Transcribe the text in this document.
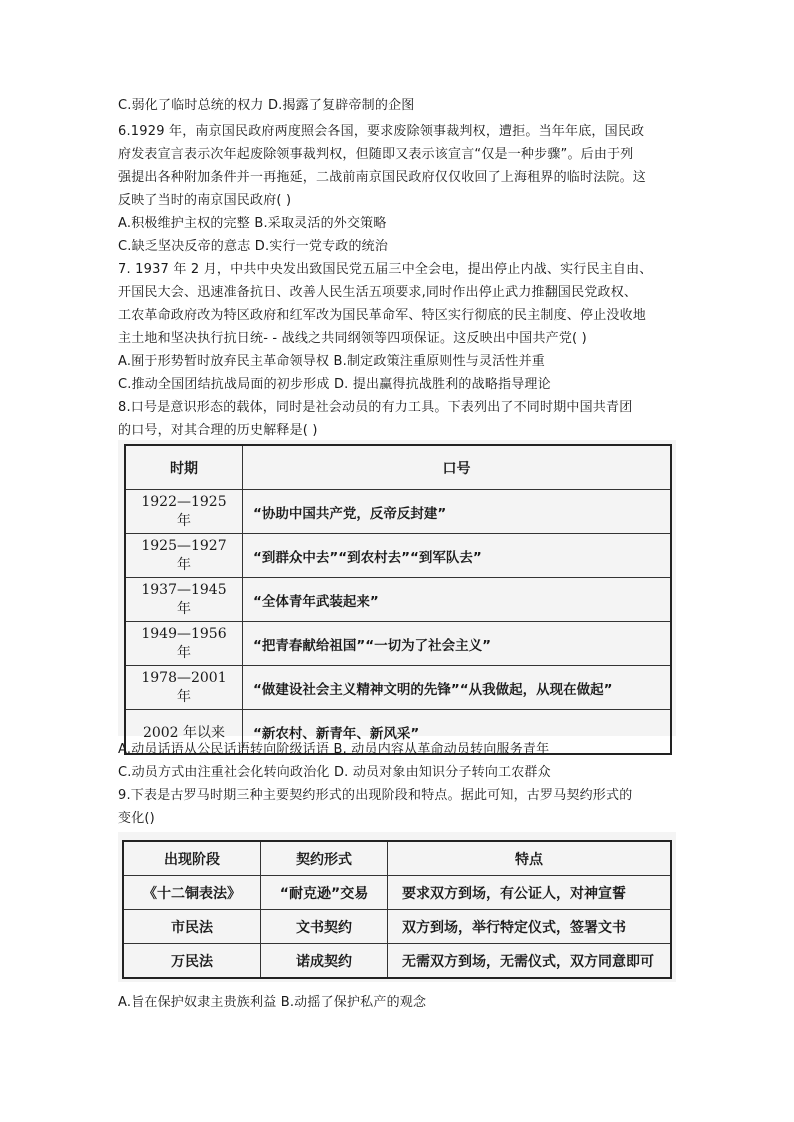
C.弱化了临时总统的权力 D.揭露了复辟帝制的企图
6.1929 年，南京国民政府两度照会各国，要求废除领事裁判权，遭拒。当年年底，国民政
府发表宣言表示次年起废除领事裁判权，但随即又表示该宣言“仅是一种步骤”。后由于列
强提出各种附加条件并一再拖延，二战前南京国民政府仅仅收回了上海租界的临时法院。这
反映了当时的南京国民政府( )
A.积极维护主权的完整 B.采取灵活的外交策略
C.缺乏坚决反帝的意志 D.实行一党专政的统治
7. 1937 年 2 月，中共中央发出致国民党五届三中全会电，提出停止内战、实行民主自由、
开国民大会、迅速准备抗日、改善人民生活五项要求,同时作出停止武力推翻国民党政权、
工农革命政府改为特区政府和红军改为国民革命军、特区实行彻底的民主制度、停止没收地
主土地和坚决执行抗日统- - 战线之共同纲领等四项保证。这反映出中国共产党( )
A.囿于形势暂时放弃民主革命领导权 B.制定政策注重原则性与灵活性并重
C.推动全国团结抗战局面的初步形成 D. 提出赢得抗战胜利的战略指导理论
8.口号是意识形态的载体，同时是社会动员的有力工具。下表列出了不同时期中国共青团
的口号，对其合理的历史解释是( )
时期	口号
1922—1925 年	“协助中国共产党，反帝反封建”
1925—1927 年	“到群众中去”“到农村去”“到军队去”
1937—1945 年	“全体青年武装起来”
1949—1956 年	“把青春献给祖国”“一切为了社会主义”
1978—2001 年	“做建设社会主义精神文明的先锋”“从我做起，从现在做起”
2002 年以来	“新农村、新青年、新风采”
A.动员话语从公民话语转向阶级话语 B. 动员内容从革命动员转向服务青年
C.动员方式由注重社会化转向政治化 D. 动员对象由知识分子转向工农群众
9.下表是古罗马时期三种主要契约形式的出现阶段和特点。据此可知，古罗马契约形式的
变化()
出现阶段	契约形式	特点
《十二铜表法》	“耐克逊”交易	要求双方到场，有公证人，对神宣誓
市民法	文书契约	双方到场，举行特定仪式，签署文书
万民法	诺成契约	无需双方到场，无需仪式，双方同意即可
A.旨在保护奴隶主贵族利益 B.动摇了保护私产的观念
